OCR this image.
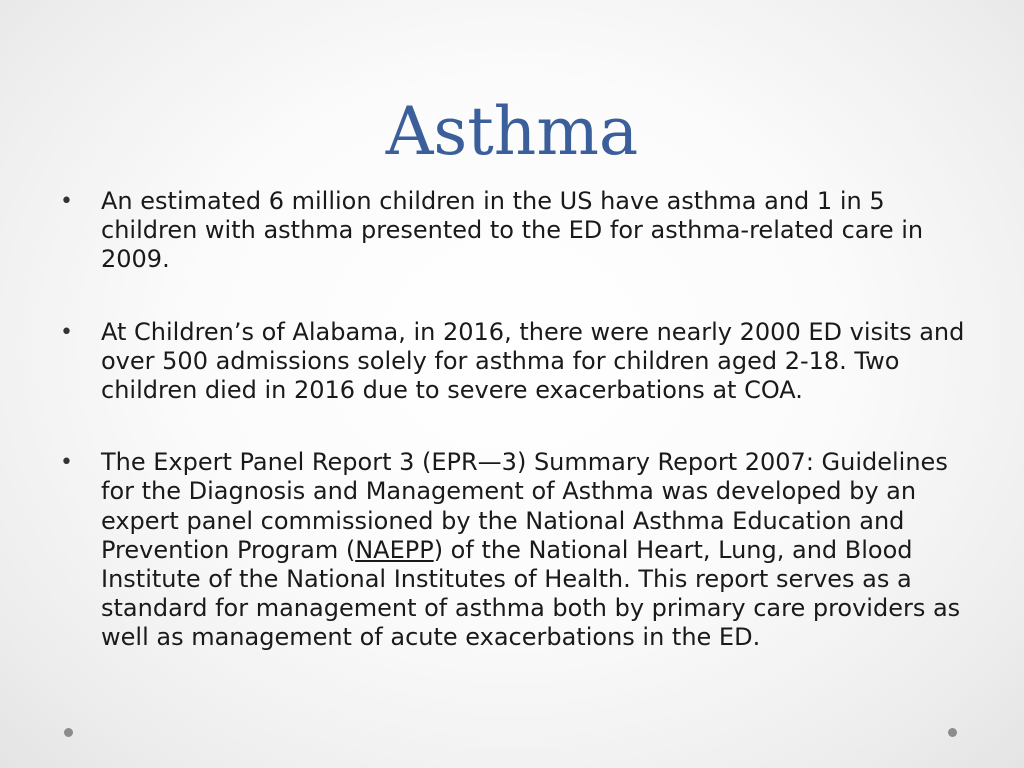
Asthma
• An estimated 6 million children in the US have asthma and 1 in 5 children with asthma presented to the ED for asthma-related care in 2009.
• At Children’s of Alabama, in 2016, there were nearly 2000 ED visits and over 500 admissions solely for asthma for children aged 2-18. Two children died in 2016 due to severe exacerbations at COA.
• The Expert Panel Report 3 (EPR—3) Summary Report 2007: Guidelines for the Diagnosis and Management of Asthma was developed by an expert panel commissioned by the National Asthma Education and Prevention Program (NAEPP) of the National Heart, Lung, and Blood Institute of the National Institutes of Health. This report serves as a standard for management of asthma both by primary care providers as well as management of acute exacerbations in the ED.
